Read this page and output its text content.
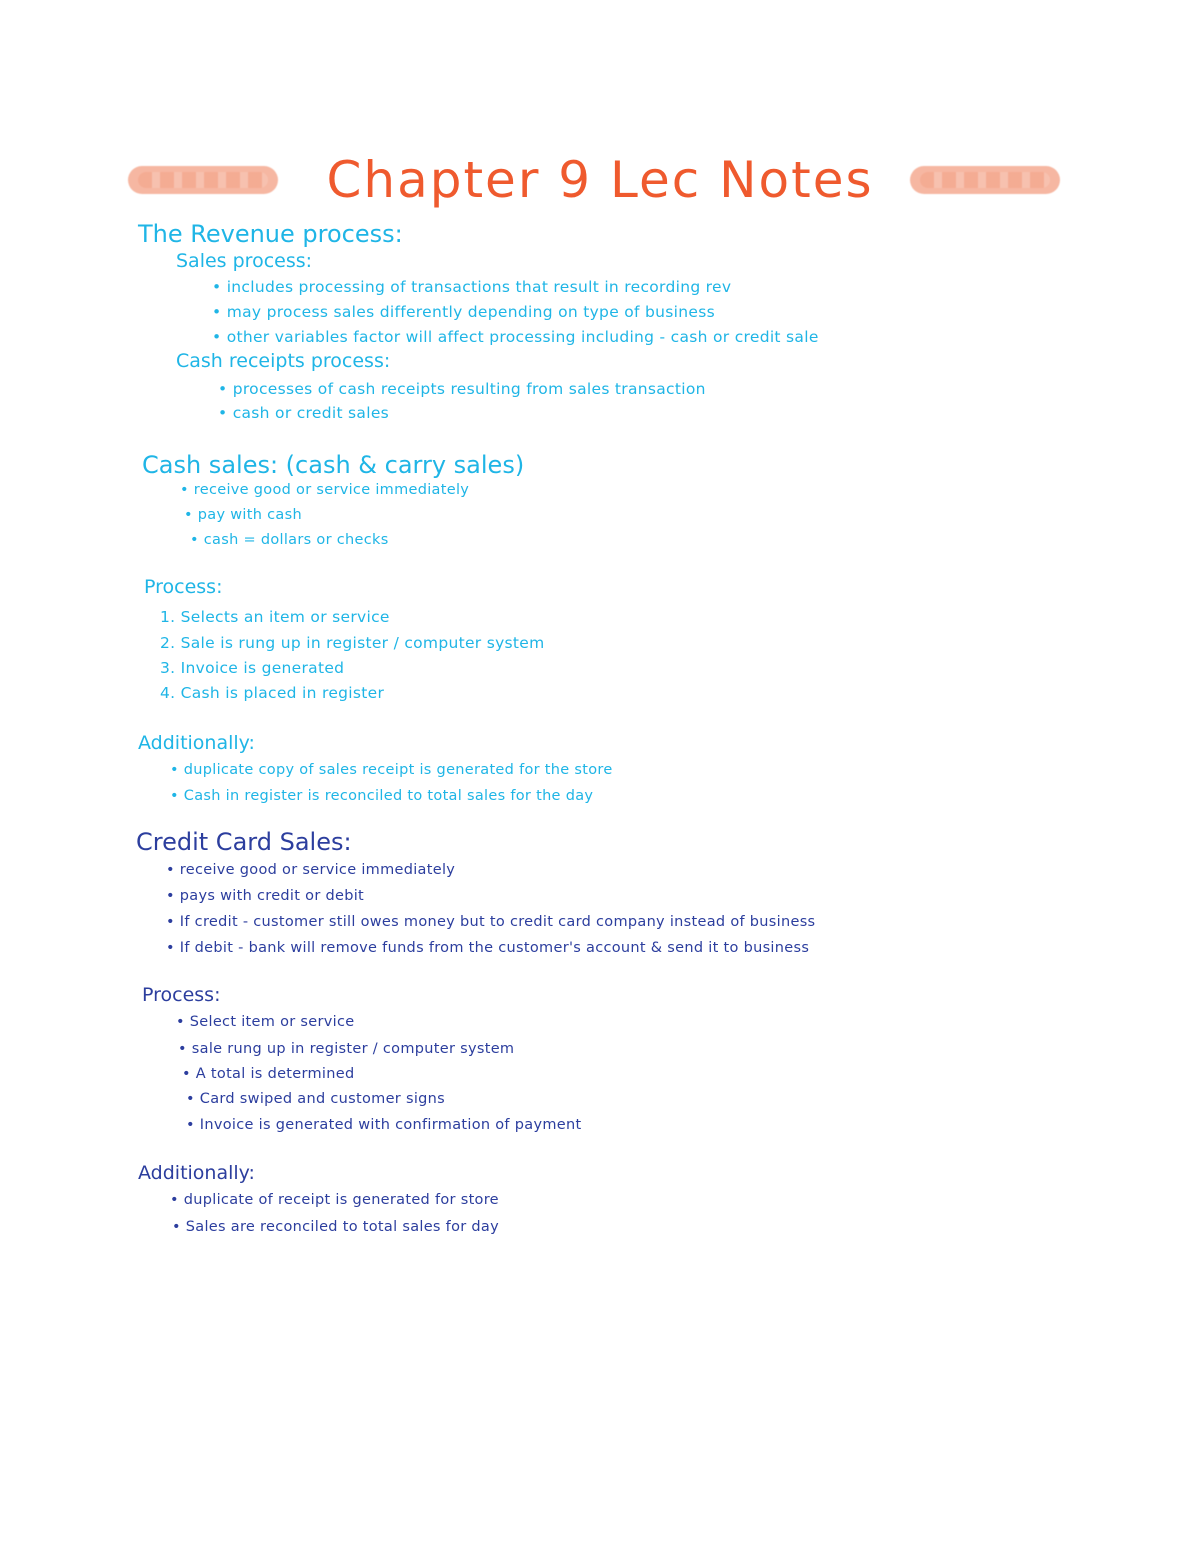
Chapter 9 Lec Notes
The Revenue process:
Sales process:
• includes processing of transactions that result in recording rev
• may process sales differently depending on type of business
• other variables factor will affect processing including - cash or credit sale
Cash receipts process:
• processes of cash receipts resulting from sales transaction
• cash or credit sales
Cash sales: (cash & carry sales)
• receive good or service immediately
• pay with cash
• cash = dollars or checks
Process:
1. Selects an item or service
2. Sale is rung up in register / computer system
3. Invoice is generated
4. Cash is placed in register
Additionally:
• duplicate copy of sales receipt is generated for the store
• Cash in register is reconciled to total sales for the day
Credit Card Sales:
• receive good or service immediately
• pays with credit or debit
• If credit - customer still owes money but to credit card company instead of business
• If debit - bank will remove funds from the customer's account & send it to business
Process:
• Select item or service
• sale rung up in register / computer system
• A total is determined
• Card swiped and customer signs
• Invoice is generated with confirmation of payment
Additionally:
• duplicate of receipt is generated for store
• Sales are reconciled to total sales for day
